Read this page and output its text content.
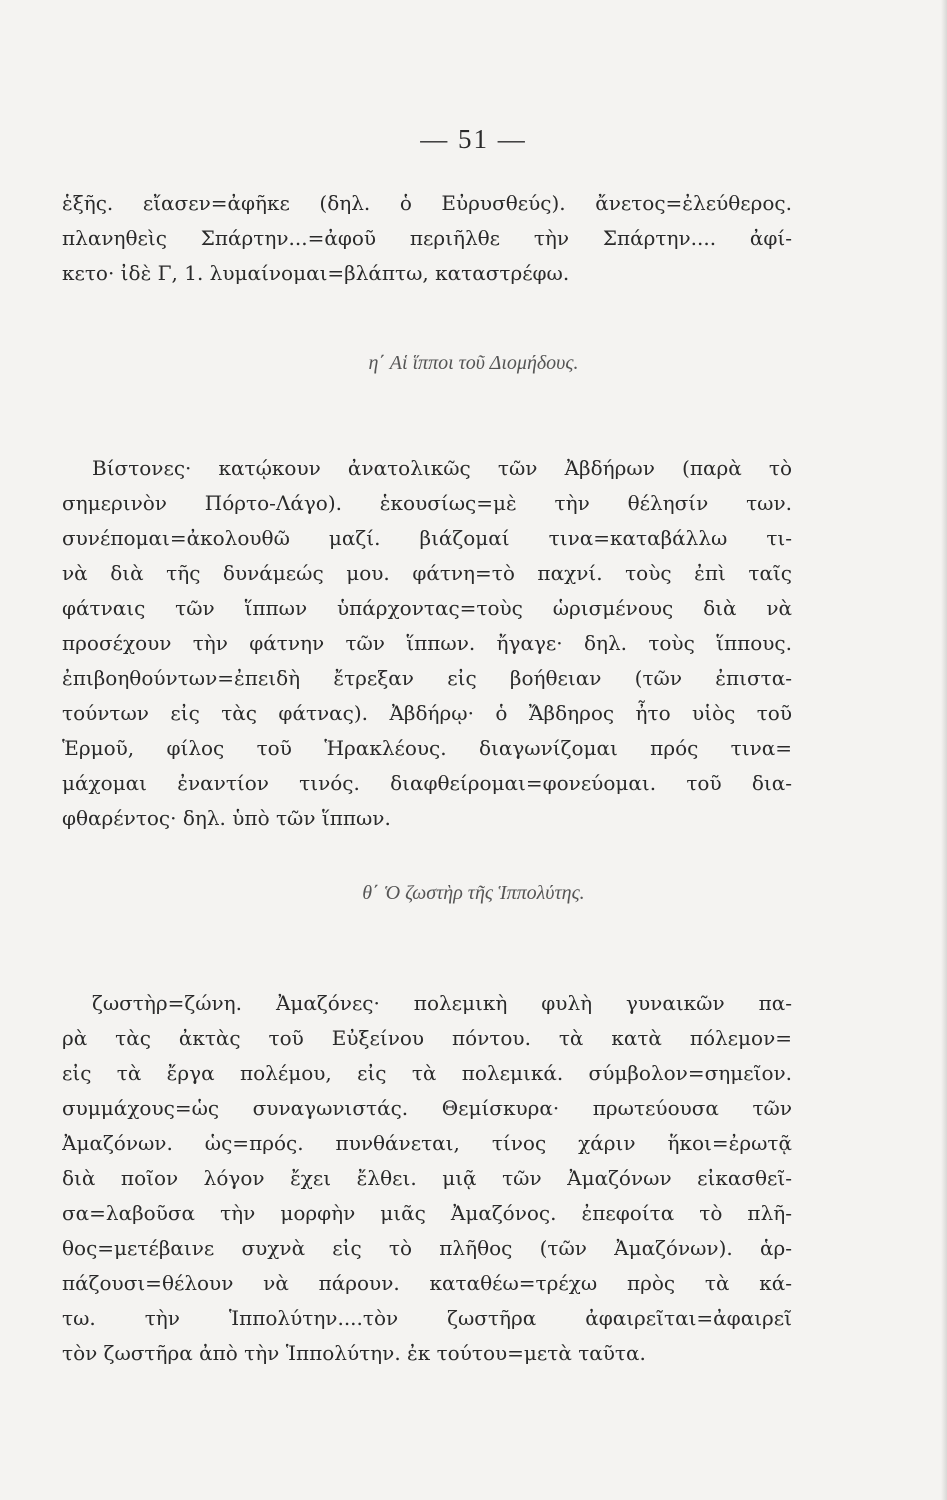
— 51 —
ἑξῆς. εἴασεν=ἀφῆκε (δηλ. ὁ Εὐρυσθεύς). ἄνετος=ἐλεύθερος.
πλανηθεὶς Σπάρτην...=ἀφοῦ περιῆλθε τὴν Σπάρτην.... ἀφί-
κετο· ἰδὲ Γ, 1. λυμαίνομαι=βλάπτω, καταστρέφω.
η΄ Αἱ ἵπποι τοῦ Διομήδους.
Βίστονες· κατῴκουν ἀνατολικῶς τῶν Ἀβδήρων (παρὰ τὸ
σημερινὸν Πόρτο-Λάγο). ἑκουσίως=μὲ τὴν θέλησίν των.
συνέπομαι=ἀκολουθῶ μαζί. βιάζομαί τινα=καταβάλλω τι-
νὰ διὰ τῆς δυνάμεώς μου. φάτνη=τὸ παχνί. τοὺς ἐπὶ ταῖς
φάτναις τῶν ἵππων ὑπάρχοντας=τοὺς ὡρισμένους διὰ νὰ
προσέχουν τὴν φάτνην τῶν ἵππων. ἤγαγε· δηλ. τοὺς ἵππους.
ἐπιβοηθούντων=ἐπειδὴ ἔτρεξαν εἰς βοήθειαν (τῶν ἐπιστα-
τούντων εἰς τὰς φάτνας). Ἀβδήρῳ· ὁ Ἄβδηρος ἦτο υἱὸς τοῦ
Ἑρμοῦ, φίλος τοῦ Ἡρακλέους. διαγωνίζομαι πρός τινα=
μάχομαι ἐναντίον τινός. διαφθείρομαι=φονεύομαι. τοῦ δια-
φθαρέντος· δηλ. ὑπὸ τῶν ἵππων.
θ΄ Ὁ ζωστὴρ τῆς Ἱππολύτης.
ζωστὴρ=ζώνη. Ἀμαζόνες· πολεμικὴ φυλὴ γυναικῶν πα-
ρὰ τὰς ἀκτὰς τοῦ Εὐξείνου πόντου. τὰ κατὰ πόλεμον=
εἰς τὰ ἔργα πολέμου, εἰς τὰ πολεμικά. σύμβολον=σημεῖον.
συμμάχους=ὡς συναγωνιστάς. Θεμίσκυρα· πρωτεύουσα τῶν
Ἀμαζόνων. ὡς=πρός. πυνθάνεται, τίνος χάριν ἥκοι=ἐρωτᾷ
διὰ ποῖον λόγον ἔχει ἔλθει. μιᾷ τῶν Ἀμαζόνων εἰκασθεῖ-
σα=λαβοῦσα τὴν μορφὴν μιᾶς Ἀμαζόνος. ἐπεφοίτα τὸ πλῆ-
θος=μετέβαινε συχνὰ εἰς τὸ πλῆθος (τῶν Ἀμαζόνων). ἁρ-
πάζουσι=θέλουν νὰ πάρουν. καταθέω=τρέχω πρὸς τὰ κά-
τω. τὴν Ἱππολύτην....τὸν ζωστῆρα ἀφαιρεῖται=ἀφαιρεῖ
τὸν ζωστῆρα ἀπὸ τὴν Ἱππολύτην. ἐκ τούτου=μετὰ ταῦτα.
